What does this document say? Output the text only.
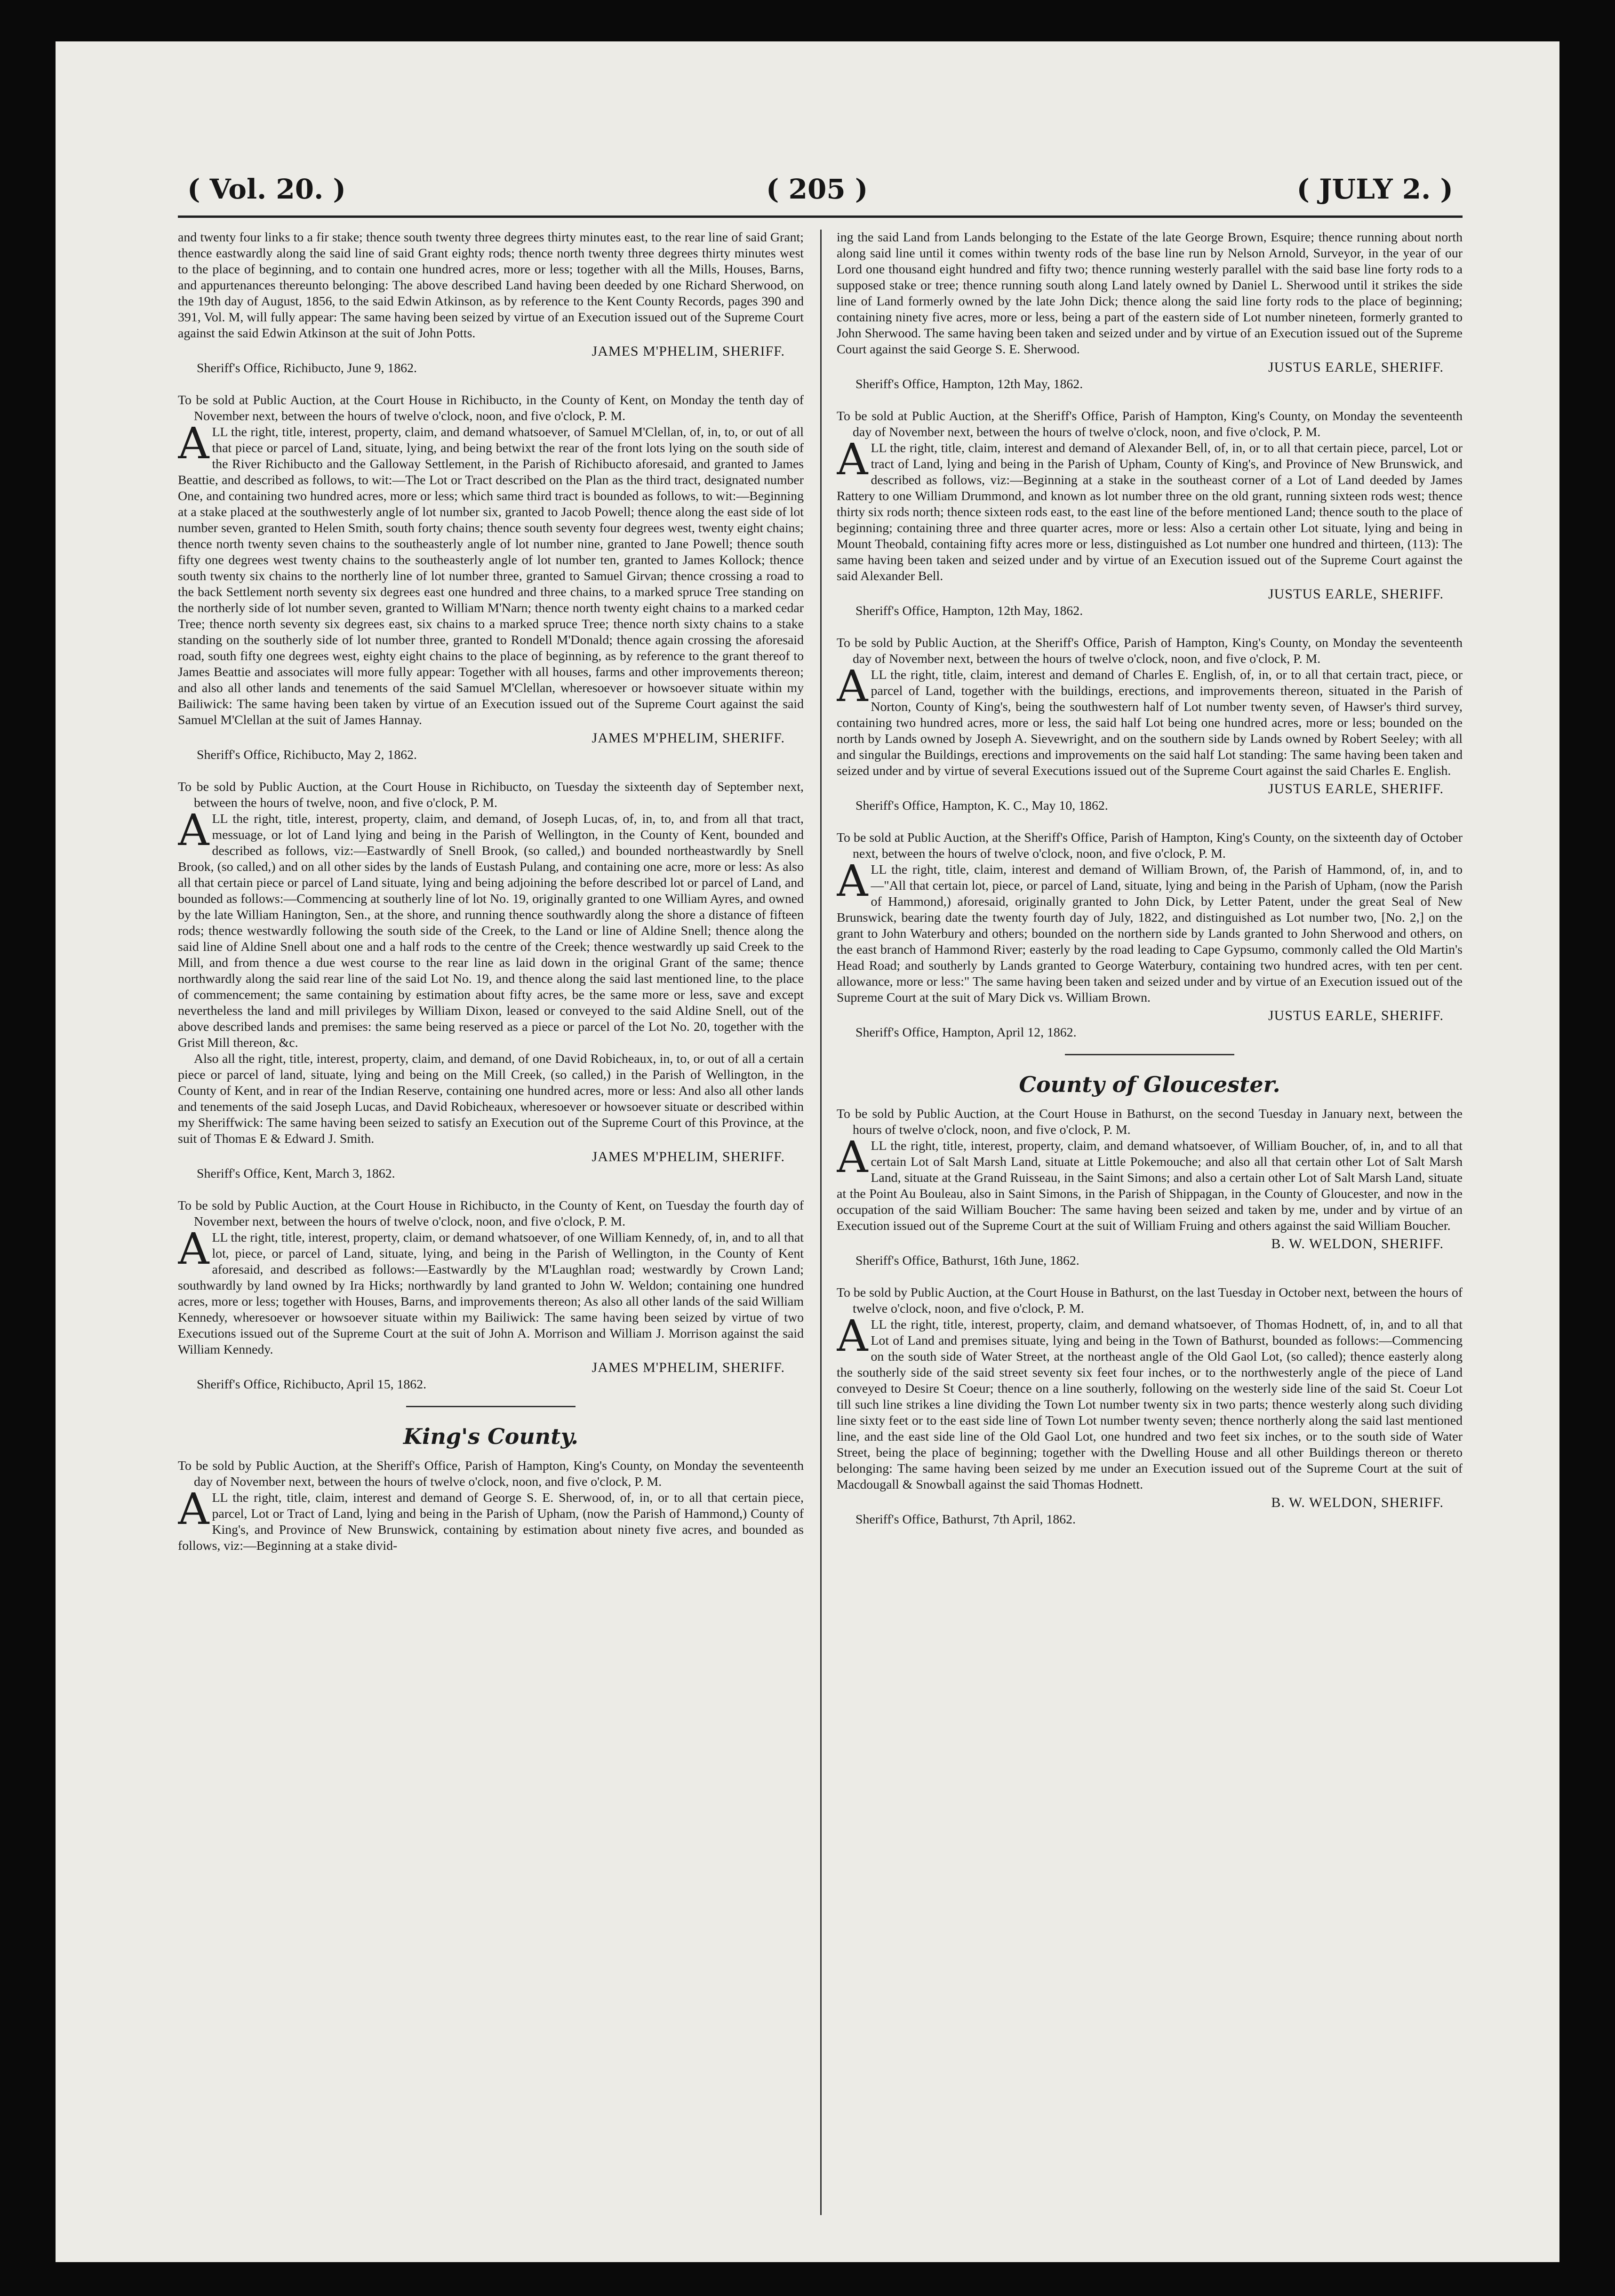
( Vol. 20. )	( 205 )	( JULY 2. )

and twenty four links to a fir stake; thence south twenty three degrees thirty minutes east, to the rear line of said Grant; thence eastwardly along the said line of said Grant eighty rods; thence north twenty three degrees thirty minutes west to the place of beginning, and to contain one hundred acres, more or less; together with all the Mills, Houses, Barns, and appurtenances thereunto belonging: The above described Land having been deeded by one Richard Sherwood, on the 19th day of August, 1856, to the said Edwin Atkinson, as by reference to the Kent County Records, pages 390 and 391, Vol. M, will fully appear: The same having been seized by virtue of an Execution issued out of the Supreme Court against the said Edwin Atkinson at the suit of John Potts.

JAMES M'PHELIM, SHERIFF.

Sheriff's Office, Richibucto, June 9, 1862.

To be sold at Public Auction, at the Court House in Richibucto, in the County of Kent, on Monday the tenth day of November next, between the hours of twelve o'clock, noon, and five o'clock, P. M.

ALL the right, title, interest, property, claim, and demand whatsoever, of Samuel M'Clellan, of, in, to, or out of all that piece or parcel of Land, situate, lying, and being betwixt the rear of the front lots lying on the south side of the River Richibucto and the Galloway Settlement, in the Parish of Richibucto aforesaid, and granted to James Beattie, and described as follows, to wit:—The Lot or Tract described on the Plan as the third tract, designated number One, and containing two hundred acres, more or less; which same third tract is bounded as follows, to wit:—Beginning at a stake placed at the southwesterly angle of lot number six, granted to Jacob Powell; thence along the east side of lot number seven, granted to Helen Smith, south forty chains; thence south seventy four degrees west, twenty eight chains; thence north twenty seven chains to the southeasterly angle of lot number nine, granted to Jane Powell; thence south fifty one degrees west twenty chains to the southeasterly angle of lot number ten, granted to James Kollock; thence south twenty six chains to the northerly line of lot number three, granted to Samuel Girvan; thence crossing a road to the back Settlement north seventy six degrees east one hundred and three chains, to a marked spruce Tree standing on the northerly side of lot number seven, granted to William M'Narn; thence north twenty eight chains to a marked cedar Tree; thence north seventy six degrees east, six chains to a marked spruce Tree; thence north sixty chains to a stake standing on the southerly side of lot number three, granted to Rondell M'Donald; thence again crossing the aforesaid road, south fifty one degrees west, eighty eight chains to the place of beginning, as by reference to the grant thereof to James Beattie and associates will more fully appear: Together with all houses, farms and other improvements thereon; and also all other lands and tenements of the said Samuel M'Clellan, wheresoever or howsoever situate within my Bailiwick: The same having been taken by virtue of an Execution issued out of the Supreme Court against the said Samuel M'Clellan at the suit of James Hannay.

JAMES M'PHELIM, SHERIFF.

Sheriff's Office, Richibucto, May 2, 1862.

To be sold by Public Auction, at the Court House in Richibucto, on Tuesday the sixteenth day of September next, between the hours of twelve, noon, and five o'clock, P. M.

ALL the right, title, interest, property, claim, and demand, of Joseph Lucas, of, in, to, and from all that tract, messuage, or lot of Land lying and being in the Parish of Wellington, in the County of Kent, bounded and described as follows, viz:—Eastwardly of Snell Brook, (so called,) and bounded northeastwardly by Snell Brook, (so called,) and on all other sides by the lands of Eustash Pulang, and containing one acre, more or less: As also all that certain piece or parcel of Land situate, lying and being adjoining the before described lot or parcel of Land, and bounded as follows:—Commencing at southerly line of lot No. 19, originally granted to one William Ayres, and owned by the late William Hanington, Sen., at the shore, and running thence southwardly along the shore a distance of fifteen rods; thence westwardly following the south side of the Creek, to the Land or line of Aldine Snell; thence along the said line of Aldine Snell about one and a half rods to the centre of the Creek; thence westwardly up said Creek to the Mill, and from thence a due west course to the rear line as laid down in the original Grant of the same; thence northwardly along the said rear line of the said Lot No. 19, and thence along the said last mentioned line, to the place of commencement; the same containing by estimation about fifty acres, be the same more or less, save and except nevertheless the land and mill privileges by William Dixon, leased or conveyed to the said Aldine Snell, out of the above described lands and premises: the same being reserved as a piece or parcel of the Lot No. 20, together with the Grist Mill thereon, &c.

Also all the right, title, interest, property, claim, and demand, of one David Robicheaux, in, to, or out of all a certain piece or parcel of land, situate, lying and being on the Mill Creek, (so called,) in the Parish of Wellington, in the County of Kent, and in rear of the Indian Reserve, containing one hundred acres, more or less: And also all other lands and tenements of the said Joseph Lucas, and David Robicheaux, wheresoever or howsoever situate or described within my Sheriffwick: The same having been seized to satisfy an Execution out of the Supreme Court of this Province, at the suit of Thomas E & Edward J. Smith.

JAMES M'PHELIM, SHERIFF.

Sheriff's Office, Kent, March 3, 1862.

To be sold by Public Auction, at the Court House in Richibucto, in the County of Kent, on Tuesday the fourth day of November next, between the hours of twelve o'clock, noon, and five o'clock, P. M.

ALL the right, title, interest, property, claim, or demand whatsoever, of one William Kennedy, of, in, and to all that lot, piece, or parcel of Land, situate, lying, and being in the Parish of Wellington, in the County of Kent aforesaid, and described as follows:—Eastwardly by the M'Laughlan road; westwardly by Crown Land; southwardly by land owned by Ira Hicks; northwardly by land granted to John W. Weldon; containing one hundred acres, more or less; together with Houses, Barns, and improvements thereon; As also all other lands of the said William Kennedy, wheresoever or howsoever situate within my Bailiwick: The same having been seized by virtue of two Executions issued out of the Supreme Court at the suit of John A. Morrison and William J. Morrison against the said William Kennedy.

JAMES M'PHELIM, SHERIFF.

Sheriff's Office, Richibucto, April 15, 1862.

King's County.

To be sold by Public Auction, at the Sheriff's Office, Parish of Hampton, King's County, on Monday the seventeenth day of November next, between the hours of twelve o'clock, noon, and five o'clock, P. M.

ALL the right, title, claim, interest and demand of George S. E. Sherwood, of, in, or to all that certain piece, parcel, Lot or Tract of Land, lying and being in the Parish of Upham, (now the Parish of Hammond,) County of King's, and Province of New Brunswick, containing by estimation about ninety five acres, and bounded as follows, viz:—Beginning at a stake divid-

ing the said Land from Lands belonging to the Estate of the late George Brown, Esquire; thence running about north along said line until it comes within twenty rods of the base line run by Nelson Arnold, Surveyor, in the year of our Lord one thousand eight hundred and fifty two; thence running westerly parallel with the said base line forty rods to a supposed stake or tree; thence running south along Land lately owned by Daniel L. Sherwood until it strikes the side line of Land formerly owned by the late John Dick; thence along the said line forty rods to the place of beginning; containing ninety five acres, more or less, being a part of the eastern side of Lot number nineteen, formerly granted to John Sherwood. The same having been taken and seized under and by virtue of an Execution issued out of the Supreme Court against the said George S. E. Sherwood.

JUSTUS EARLE, SHERIFF.

Sheriff's Office, Hampton, 12th May, 1862.

To be sold at Public Auction, at the Sheriff's Office, Parish of Hampton, King's County, on Monday the seventeenth day of November next, between the hours of twelve o'clock, noon, and five o'clock, P. M.

ALL the right, title, claim, interest and demand of Alexander Bell, of, in, or to all that certain piece, parcel, Lot or tract of Land, lying and being in the Parish of Upham, County of King's, and Province of New Brunswick, and described as follows, viz:—Beginning at a stake in the southeast corner of a Lot of Land deeded by James Rattery to one William Drummond, and known as lot number three on the old grant, running sixteen rods west; thence thirty six rods north; thence sixteen rods east, to the east line of the before mentioned Land; thence south to the place of beginning; containing three and three quarter acres, more or less: Also a certain other Lot situate, lying and being in Mount Theobald, containing fifty acres more or less, distinguished as Lot number one hundred and thirteen, (113): The same having been taken and seized under and by virtue of an Execution issued out of the Supreme Court against the said Alexander Bell.

JUSTUS EARLE, SHERIFF.

Sheriff's Office, Hampton, 12th May, 1862.

To be sold by Public Auction, at the Sheriff's Office, Parish of Hampton, King's County, on Monday the seventeenth day of November next, between the hours of twelve o'clock, noon, and five o'clock, P. M.

ALL the right, title, claim, interest and demand of Charles E. English, of, in, or to all that certain tract, piece, or parcel of Land, together with the buildings, erections, and improvements thereon, situated in the Parish of Norton, County of King's, being the southwestern half of Lot number twenty seven, of Hawser's third survey, containing two hundred acres, more or less, the said half Lot being one hundred acres, more or less; bounded on the north by Lands owned by Joseph A. Sievewright, and on the southern side by Lands owned by Robert Seeley; with all and singular the Buildings, erections and improvements on the said half Lot standing: The same having been taken and seized under and by virtue of several Executions issued out of the Supreme Court against the said Charles E. English.

JUSTUS EARLE, SHERIFF.

Sheriff's Office, Hampton, K. C., May 10, 1862.

To be sold at Public Auction, at the Sheriff's Office, Parish of Hampton, King's County, on the sixteenth day of October next, between the hours of twelve o'clock, noon, and five o'clock, P. M.

ALL the right, title, claim, interest and demand of William Brown, of, the Parish of Hammond, of, in, and to—"All that certain lot, piece, or parcel of Land, situate, lying and being in the Parish of Upham, (now the Parish of Hammond,) aforesaid, originally granted to John Dick, by Letter Patent, under the great Seal of New Brunswick, bearing date the twenty fourth day of July, 1822, and distinguished as Lot number two, [No. 2,] on the grant to John Waterbury and others; bounded on the northern side by Lands granted to John Sherwood and others, on the east branch of Hammond River; easterly by the road leading to Cape Gypsumo, commonly called the Old Martin's Head Road; and southerly by Lands granted to George Waterbury, containing two hundred acres, with ten per cent. allowance, more or less:" The same having been taken and seized under and by virtue of an Execution issued out of the Supreme Court at the suit of Mary Dick vs. William Brown.

JUSTUS EARLE, SHERIFF.

Sheriff's Office, Hampton, April 12, 1862.

County of Gloucester.

To be sold by Public Auction, at the Court House in Bathurst, on the second Tuesday in January next, between the hours of twelve o'clock, noon, and five o'clock, P. M.

ALL the right, title, interest, property, claim, and demand whatsoever, of William Boucher, of, in, and to all that certain Lot of Salt Marsh Land, situate at Little Pokemouche; and also all that certain other Lot of Salt Marsh Land, situate at the Grand Ruisseau, in the Saint Simons; and also a certain other Lot of Salt Marsh Land, situate at the Point Au Bouleau, also in Saint Simons, in the Parish of Shippagan, in the County of Gloucester, and now in the occupation of the said William Boucher: The same having been seized and taken by me, under and by virtue of an Execution issued out of the Supreme Court at the suit of William Fruing and others against the said William Boucher.

B. W. WELDON, SHERIFF.

Sheriff's Office, Bathurst, 16th June, 1862.

To be sold by Public Auction, at the Court House in Bathurst, on the last Tuesday in October next, between the hours of twelve o'clock, noon, and five o'clock, P. M.

ALL the right, title, interest, property, claim, and demand whatsoever, of Thomas Hodnett, of, in, and to all that Lot of Land and premises situate, lying and being in the Town of Bathurst, bounded as follows:—Commencing on the south side of Water Street, at the northeast angle of the Old Gaol Lot, (so called); thence easterly along the southerly side of the said street seventy six feet four inches, or to the northwesterly angle of the piece of Land conveyed to Desire St Coeur; thence on a line southerly, following on the westerly side line of the said St. Coeur Lot till such line strikes a line dividing the Town Lot number twenty six in two parts; thence westerly along such dividing line sixty feet or to the east side line of Town Lot number twenty seven; thence northerly along the said last mentioned line, and the east side line of the Old Gaol Lot, one hundred and two feet six inches, or to the south side of Water Street, being the place of beginning; together with the Dwelling House and all other Buildings thereon or thereto belonging: The same having been seized by me under an Execution issued out of the Supreme Court at the suit of Macdougall & Snowball against the said Thomas Hodnett.

B. W. WELDON, SHERIFF.

Sheriff's Office, Bathurst, 7th April, 1862.
